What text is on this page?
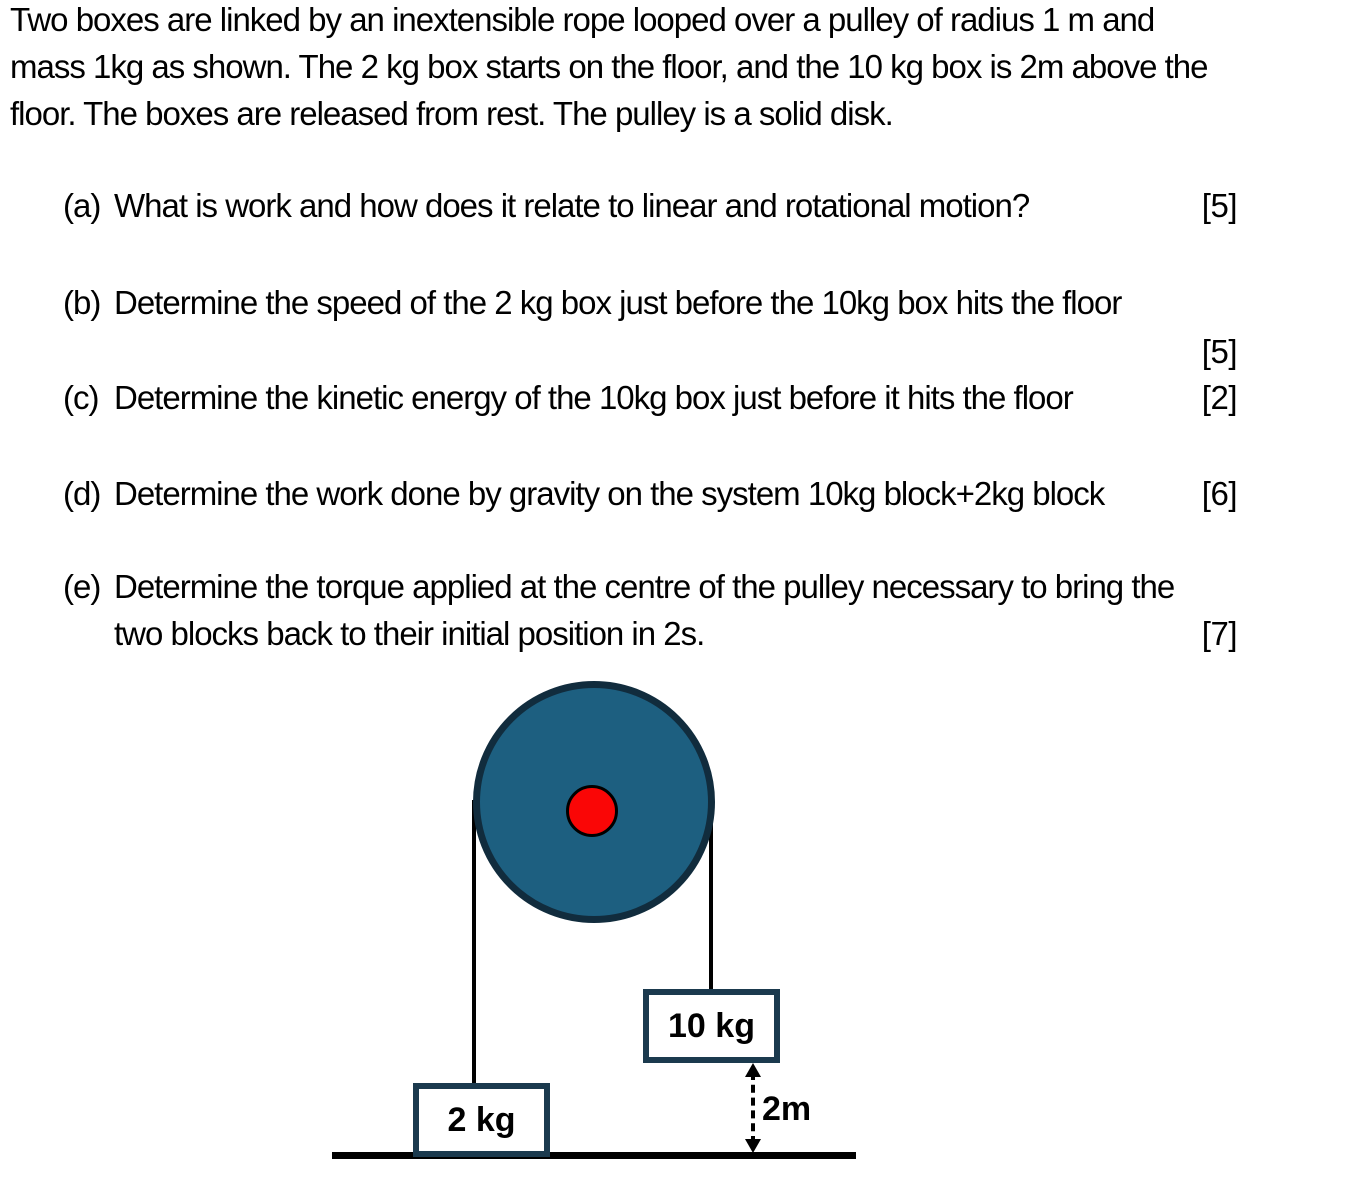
Two boxes are linked by an inextensible rope looped over a pulley of radius 1 m and
mass 1kg as shown. The 2 kg box starts on the floor, and the 10 kg box is 2m above the
floor. The boxes are released from rest. The pulley is a solid disk.
(a) What is work and how does it relate to linear and rotational motion?	[5]
(b) Determine the speed of the 2 kg box just before the 10kg box hits the floor
[5]
(c) Determine the kinetic energy of the 10kg box just before it hits the floor	[2]
(d) Determine the work done by gravity on the system 10kg block+2kg block	[6]
(e) Determine the torque applied at the centre of the pulley necessary to bring the
two blocks back to their initial position in 2s.	[7]
2 kg
10 kg
2m
